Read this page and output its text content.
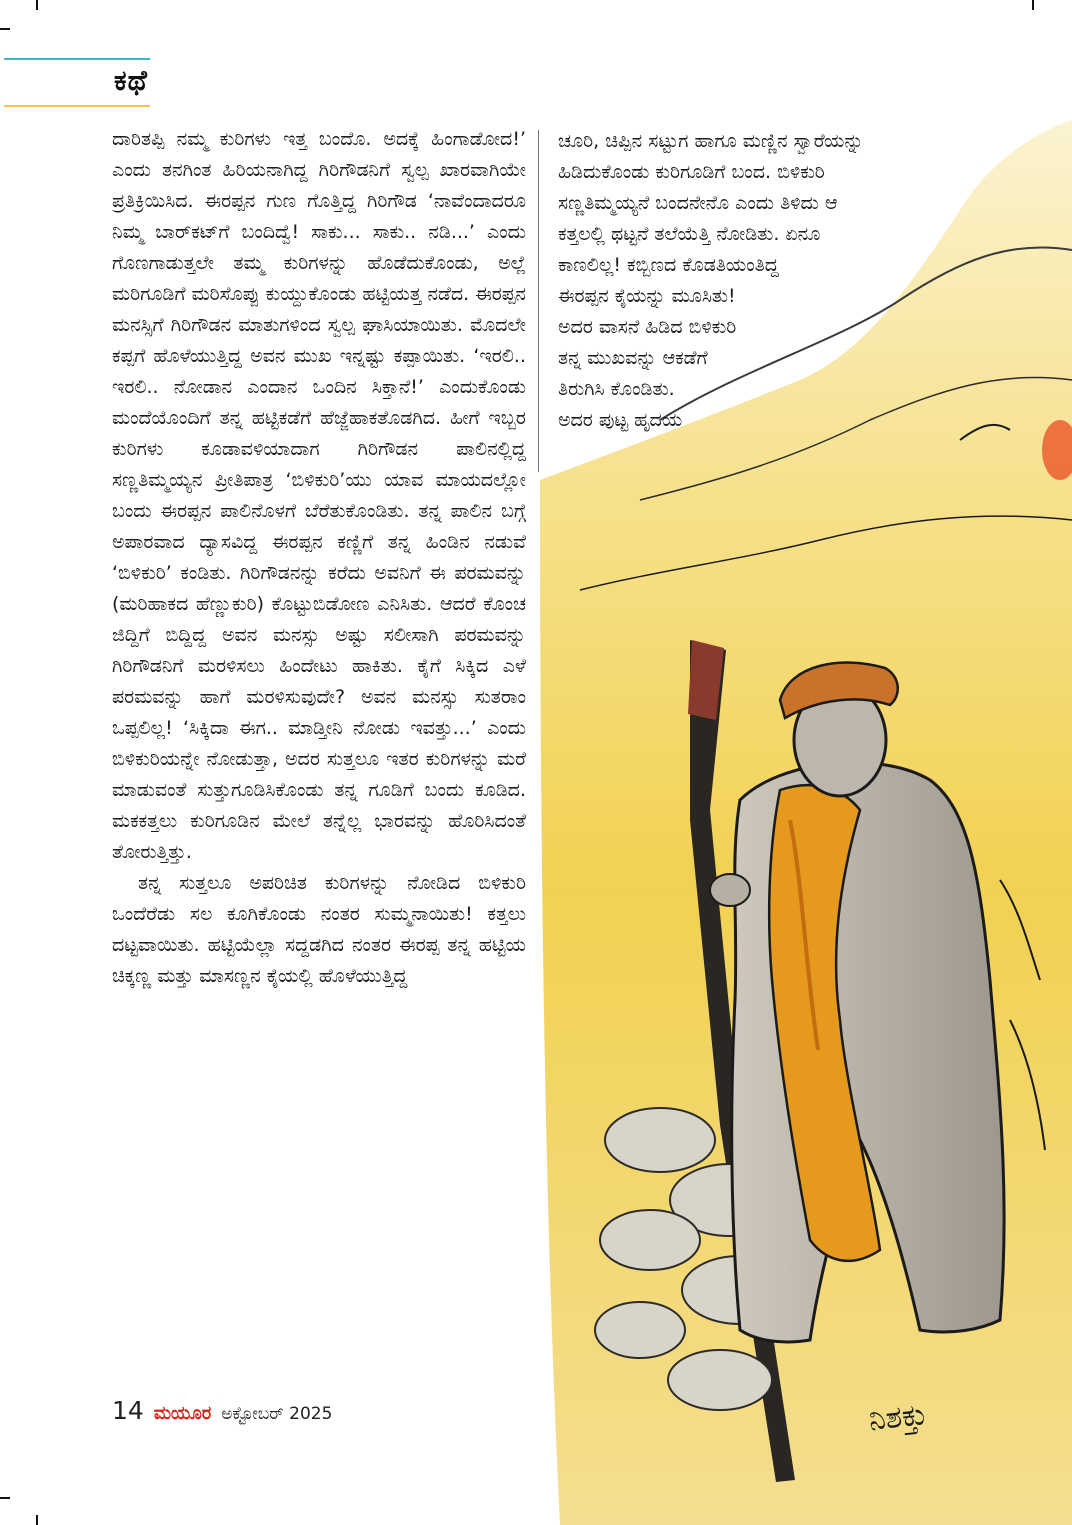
ಕಥೆ
ನಿಶಕ್ತು

ದಾರಿತಪ್ಪಿ ನಮ್ಮ ಕುರಿಗಳು ಇತ್ತ ಬಂದೊ. ಅದಕ್ಕೆ ಹಿಂಗಾಡೋದ!’ ಎಂದು ತನಗಿಂತ ಹಿರಿಯನಾಗಿದ್ದ ಗಿರಿಗೌಡನಿಗೆ ಸ್ವಲ್ಪ ಖಾರವಾಗಿಯೇ ಪ್ರತಿಕ್ರಿಯಿಸಿದ. ಈರಪ್ಪನ ಗುಣ ಗೊತ್ತಿದ್ದ ಗಿರಿಗೌಡ ‘ನಾವೆಂದಾದರೂ ನಿಮ್ಮ ಬಾರ್‌ಕಟ್‌ಗೆ ಬಂದಿದ್ವೆ! ಸಾಕು... ಸಾಕು.. ನಡಿ...’ ಎಂದು ಗೊಣಗಾಡುತ್ತಲೇ ತಮ್ಮ ಕುರಿಗಳನ್ನು ಹೊಡೆದುಕೊಂಡು, ಅಲ್ಲೆ ಮರಿಗೂಡಿಗೆ ಮರಿಸೊಪ್ಪು ಕುಯ್ದುಕೊಂಡು ಹಟ್ಟಿಯತ್ತ ನಡೆದ. ಈರಪ್ಪನ ಮನಸ್ಸಿಗೆ ಗಿರಿಗೌಡನ ಮಾತುಗಳಿಂದ ಸ್ವಲ್ಪ ಘಾಸಿಯಾಯಿತು. ಮೊದಲೇ ಕಪ್ಪಗೆ ಹೊಳೆಯುತ್ತಿದ್ದ ಅವನ ಮುಖ ಇನ್ನಷ್ಟು ಕಪ್ಪಾಯಿತು. ‘ಇರಲಿ.. ಇರಲಿ.. ನೋಡಾನ ಎಂದಾನ ಒಂದಿನ ಸಿಕ್ತಾನೆ!’ ಎಂದುಕೊಂಡು ಮಂದೆಯೊಂದಿಗೆ ತನ್ನ ಹಟ್ಟಿಕಡೆಗೆ ಹೆಜ್ಜೆಹಾಕತೊಡಗಿದ. ಹೀಗೆ ಇಬ್ಬರ ಕುರಿಗಳು ಕೂಡಾವಳಿಯಾದಾಗ ಗಿರಿಗೌಡನ ಪಾಲಿನಲ್ಲಿದ್ದ ಸಣ್ಣತಿಮ್ಮಯ್ಯನ ಪ್ರೀತಿಪಾತ್ರ ‘ಬಿಳಿಕುರಿ’ಯು ಯಾವ ಮಾಯದಲ್ಲೋ ಬಂದು ಈರಪ್ಪನ ಪಾಲಿನೊಳಗೆ ಬೆರೆತುಕೊಂಡಿತು. ತನ್ನ ಪಾಲಿನ ಬಗ್ಗೆ ಅಪಾರವಾದ ದ್ಯಾಸವಿದ್ದ ಈರಪ್ಪನ ಕಣ್ಣಿಗೆ ತನ್ನ ಹಿಂಡಿನ ನಡುವೆ ‘ಬಿಳಿಕುರಿ’ ಕಂಡಿತು. ಗಿರಿಗೌಡನನ್ನು ಕರೆದು ಅವನಿಗೆ ಈ ಪರಮವನ್ನು (ಮರಿಹಾಕದ ಹೆಣ್ಣುಕುರಿ) ಕೊಟ್ಟುಬಿಡೋಣ ಎನಿಸಿತು. ಆದರೆ ಕೊಂಚ ಜಿದ್ದಿಗೆ ಬಿದ್ದಿದ್ದ ಅವನ ಮನಸ್ಸು ಅಷ್ಟು ಸಲೀಸಾಗಿ ಪರಮವನ್ನು ಗಿರಿಗೌಡನಿಗೆ ಮರಳಿಸಲು ಹಿಂದೇಟು ಹಾಕಿತು. ಕೈಗೆ ಸಿಕ್ಕಿದ ಎಳೆ ಪರಮವನ್ನು ಹಾಗೆ ಮರಳಿಸುವುದೇ? ಅವನ ಮನಸ್ಸು ಸುತರಾಂ ಒಪ್ಪಲಿಲ್ಲ! ‘ಸಿಕ್ಕಿದಾ ಈಗ.. ಮಾಡ್ತೀನಿ ನೋಡು ಇವತ್ತು...’ ಎಂದು ಬಿಳಿಕುರಿಯನ್ನೇ ನೋಡುತ್ತಾ, ಅದರ ಸುತ್ತಲೂ ಇತರ ಕುರಿಗಳನ್ನು ಮರೆ ಮಾಡುವಂತೆ ಸುತ್ತುಗೂಡಿಸಿಕೊಂಡು ತನ್ನ ಗೂಡಿಗೆ ಬಂದು ಕೂಡಿದ. ಮಕಕತ್ತಲು ಕುರಿಗೂಡಿನ ಮೇಲೆ ತನ್ನೆಲ್ಲ ಭಾರವನ್ನು ಹೊರಿಸಿದಂತೆ ತೋರುತ್ತಿತ್ತು.

ತನ್ನ ಸುತ್ತಲೂ ಅಪರಿಚಿತ ಕುರಿಗಳನ್ನು ನೋಡಿದ ಬಿಳಿಕುರಿ ಒಂದೆರೆಡು ಸಲ ಕೂಗಿಕೊಂಡು ನಂತರ ಸುಮ್ಮನಾಯಿತು! ಕತ್ತಲು ದಟ್ಟವಾಯಿತು. ಹಟ್ಟಿಯೆಲ್ಲಾ ಸದ್ದಡಗಿದ ನಂತರ ಈರಪ್ಪ ತನ್ನ ಹಟ್ಟಿಯ ಚಿಕ್ಕಣ್ಣ ಮತ್ತು ಮಾಸಣ್ಣನ ಕೈಯಲ್ಲಿ ಹೊಳೆಯುತ್ತಿದ್ದ

ಚೂರಿ, ಚಿಪ್ಪಿನ ಸಟ್ಟುಗ ಹಾಗೂ ಮಣ್ಣಿನ ಸ್ವಾರೆಯನ್ನು

ಹಿಡಿದುಕೊಂಡು ಕುರಿಗೂಡಿಗೆ ಬಂದ. ಬಿಳಿಕುರಿ

ಸಣ್ಣತಿಮ್ಮಯ್ಯನೆ ಬಂದನೇನೊ ಎಂದು ತಿಳಿದು ಆ

ಕತ್ತಲಲ್ಲಿ ಥಟ್ಟನೆ ತಲೆಯೆತ್ತಿ ನೋಡಿತು. ಏನೂ

ಕಾಣಲಿಲ್ಲ! ಕಬ್ಬಿಣದ ಕೊಡತಿಯಂತಿದ್ದ

ಈರಪ್ಪನ ಕೈಯನ್ನು ಮೂಸಿತು!

ಅದರ ವಾಸನೆ ಹಿಡಿದ ಬಿಳಿಕುರಿ

ತನ್ನ ಮುಖವನ್ನು ಆಕಡೆಗೆ

ತಿರುಗಿಸಿ ಕೊಂಡಿತು.

ಅದರ ಪುಟ್ಟ ಹೃದಯ

14 ಮಯೂರ ಅಕ್ಟೋಬರ್ 2025
